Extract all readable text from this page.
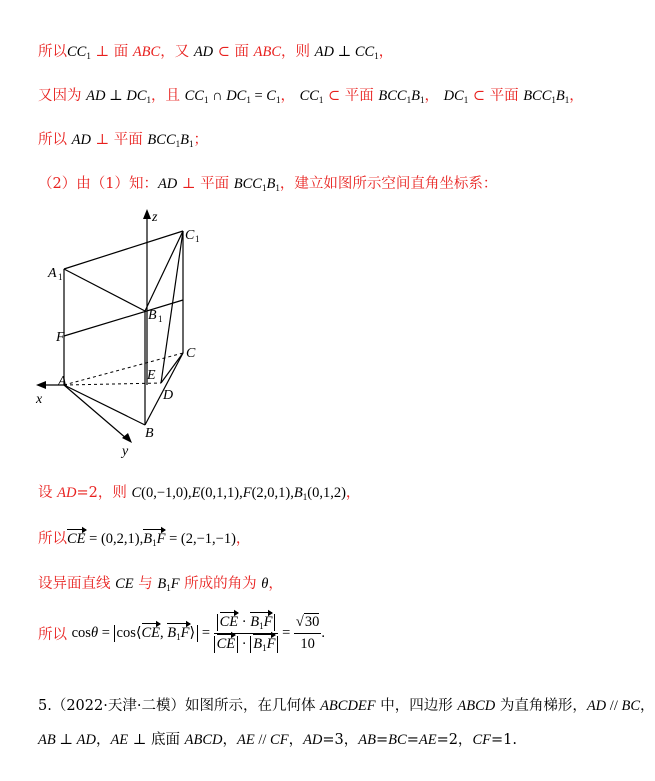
所以$CC_1$ ⊥ 面 ABC，又 AD ⊂ 面 ABC，则 AD ⊥ $CC_1$，
又因为 AD ⊥ $DC_1$，且 $CC_1$ ∩ $DC_1 = C_1$， $CC_1$ ⊂ 平面 $BCC_1B_1$， $DC_1$ ⊂ 平面 $BCC_1B_1$，
所以 AD ⊥ 平面 $BCC_1B_1$；
（2）由（1）知：AD ⊥ 平面 $BCC_1B_1$，建立如图所示空间直角坐标系：
z
x
y
C 1
A 1
B 1
F
C
E
A
D
B
设 AD=2，则 $C(0,-1,0),E(0,1,1),F(2,0,1),B_1(0,1,2)$，
所以CE = $(0,2,1),B_1F = (2,-1,-1)$，
设异面直线 CE 与 $B_1F$ 所成的角为 θ，
所以 cosθ = cos⟨CE, $B_1F⟩ = \frac{CE \cdot B_1F}{CE \cdot B_1F} = \frac{√30}{10}$ .
5.（2022·天津·二模）如图所示，在几何体 ABCDEF 中，四边形 ABCD 为直角梯形，AD // BC，
AB ⊥ AD，AE ⊥ 底面 ABCD，AE // CF，AD=3，AB=BC=AE=2，CF=1.
